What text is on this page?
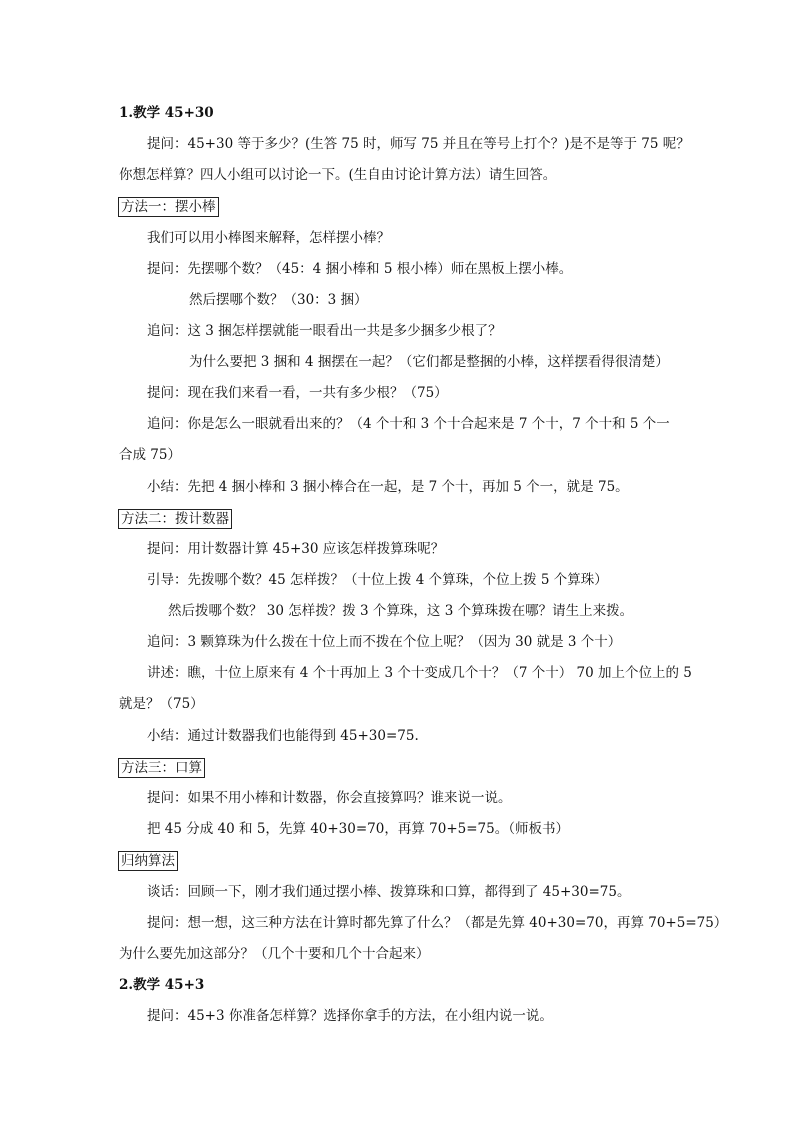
1.教学 45+30
提问：45+30 等于多少？(生答 75 时，师写 75 并且在等号上打个？)是不是等于 75 呢？
你想怎样算？四人小组可以讨论一下。(生自由讨论计算方法）请生回答。
方法一：摆小棒
我们可以用小棒图来解释，怎样摆小棒？
提问：先摆哪个数？（45：4 捆小棒和 5 根小棒）师在黑板上摆小棒。
然后摆哪个数？（30：3 捆）
追问：这 3 捆怎样摆就能一眼看出一共是多少捆多少根了？
为什么要把 3 捆和 4 捆摆在一起？（它们都是整捆的小棒，这样摆看得很清楚）
提问：现在我们来看一看，一共有多少根？（75）
追问：你是怎么一眼就看出来的？（4 个十和 3 个十合起来是 7 个十，7 个十和 5 个一
合成 75）
小结：先把 4 捆小棒和 3 捆小棒合在一起，是 7 个十，再加 5 个一，就是 75。
方法二：拨计数器
提问：用计数器计算 45+30 应该怎样拨算珠呢？
引导：先拨哪个数？45 怎样拨？（十位上拨 4 个算珠，个位上拨 5 个算珠）
然后拨哪个数？ 30 怎样拨？拨 3 个算珠，这 3 个算珠拨在哪？请生上来拨。
追问：3 颗算珠为什么拨在十位上而不拨在个位上呢？（因为 30 就是 3 个十）
讲述：瞧，十位上原来有 4 个十再加上 3 个十变成几个十？（7 个十） 70 加上个位上的 5
就是？（75）
小结：通过计数器我们也能得到 45+30=75.
方法三：口算
提问：如果不用小棒和计数器，你会直接算吗？谁来说一说。
把 45 分成 40 和 5，先算 40+30=70，再算 70+5=75。（师板书）
归纳算法
谈话：回顾一下，刚才我们通过摆小棒、拨算珠和口算，都得到了 45+30=75。
提问：想一想，这三种方法在计算时都先算了什么？（都是先算 40+30=70，再算 70+5=75）
为什么要先加这部分？（几个十要和几个十合起来）
2.教学 45+3
提问：45+3 你准备怎样算？选择你拿手的方法，在小组内说一说。
